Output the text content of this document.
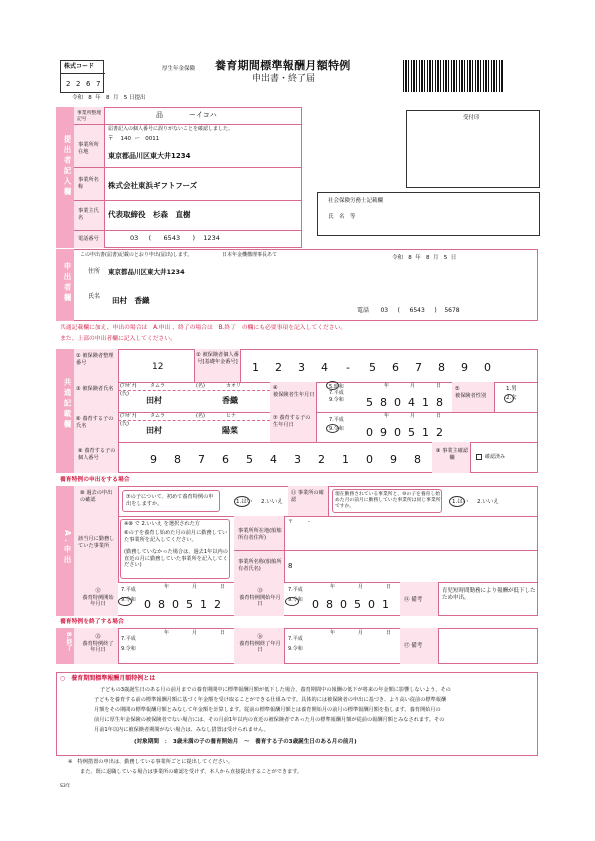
株式コード
2 2 6 7
厚生年金保険 養育期間標準報酬月額特例
申出書・終了届
令和 8 年 8 月 5 日提出
受付印
提出者記入欄
事業所整理記号
品	ーイコハ
届書記入の個人番号に誤りがないことを確認しました。
〒 140 ー 0011
事業所所在地
東京都品川区東大井1234
事業所名称	株式会社東浜ギフトフーズ
事業主氏名	代表取締役　杉森　直樹
電話番号	03     (      6543      )    1234
社会保険労務士記載欄
氏　名　等
申出者欄
この申出書(届書)記載のとおり申出(届出)します。	日本年金機構理事長あて	令和 8 年 8 月 5 日
住所 東京都品川区東大井1234
氏名 田村　香織
電話 03     (     6543     )    5678
共通記載欄に加え、申出の場合は　A.申出 、終了の場合は　B.終了　の欄にも必要事項を記入してください。
また、上部の申出者欄に記入してください。
共通記載欄
① 被保険者整理番号	12
② 被保険者個人番号[基礎年金番号] 1 2 3 4 - 5 6 7 8 9 0
③ 被保険者氏名	(ﾌﾘｶﾞﾅ)	タムラ	(名)	カオリ
(氏)
田村	香織
④
被保険者生年月日
5.昭和
7.平成
9.令和
年	月	日
5 8 0 4 1 8
⑤
被保険者性別
1.男
2.女
⑥ 養育する子の氏名
(ﾌﾘｶﾞﾅ)	タムラ	(名)	ヒナ
(氏)
田村	陽菜
⑦ 養育する子の生年月日
7.平成
9.令和
年	月	日
0 9 0 5 1 2
⑧ 養育する子の個人番号	9 8 7 6 5 4 3 2 1 0 9 8
⑨ 事業主確認欄	確認済み
養育特例の申出をする場合
A.申出
⑩ 過去の申出の確認	⑦の子について、初めて養育特例の申出をしますか。	1.はい 2.いいえ
⑪ 事業所の確認
現在勤務されている事業所と、⑩の子を養育し始めた月の前月に勤務していた事業所は同じ事業所ですか。
1.はい 2.いいえ
該当月に勤務していた事業所
※⑩ で 2.いいえ を選択された方
⑥の子を養育し始めた月の前月に勤務していた事業所を記入してください。
(勤務していなかった場合は、過去1年以内の直近の月に勤務していた事業所を記入してください)
事業所所在地(船舶所有者住所)
〒　　　-
事業所名称(船舶所有者氏名)	8
⑫
養育特例開始年月日
7.平成
9.令和
年	月	日
0 8 0 5 1 2
⑬
養育特例開始年月日
7.平成
9.令和
年	月	日
0 8 0 5 0 1	⑭ 備考
育児短時間勤務により報酬が低下したため申出。
養育特例を終了する場合
B.終了	⑮
養育特例終了年月日
7.平成
9.令和
年	月	日
⑯
養育特例終了年月日
7.平成
9.令和
年	月	日
⑰ 備考
○　養育期間標準報酬月額特例とは
子どもの3歳誕生日のある月の前月までの養育期間中に標準報酬月額が低下した場合、養育期間中の報酬の低下が将来の年金額に影響しないよう、その
子どもを養育する前の標準報酬月額に基づく年金額を受け取ることができる仕組みです。具体的には被保険者の申出に基づき、より高い従前の標準報酬
月額をその期間の標準報酬月額とみなして年金額を計算します。従前の標準報酬月額とは養育開始月の前月の標準報酬月額を指します。養育開始月の
前月に厚生年金保険の被保険者でない場合には、その月前1年以内の直近の被保険者であった月の標準報酬月額が従前の報酬月額とみなされます。その
月前1年以内に被保険者期間がない場合は、みなし措置は受けられません。
(対象期間　：　3歳未満の子の養育開始月　～　養育する子の3歳誕生日のある月の前月)
※　特例措置の申出は、勤務している事業所ごとに提出してください。
また、既に退職している場合は事業所の確認を受けず、本人から直接提出することができます。
S3年
